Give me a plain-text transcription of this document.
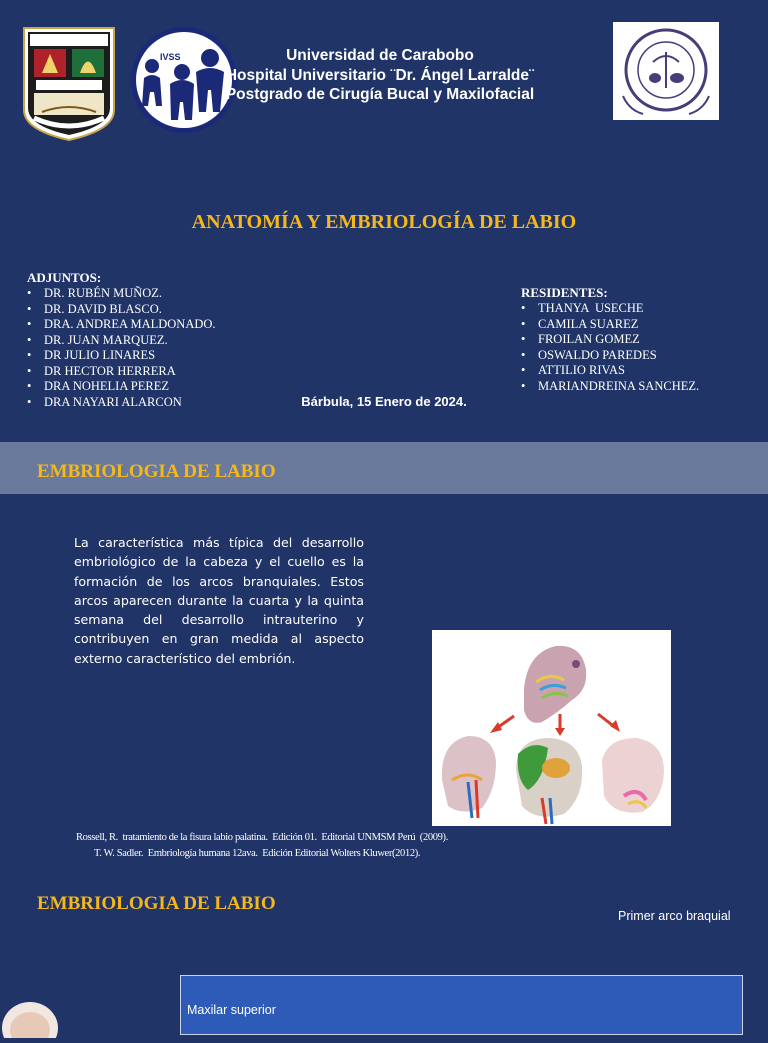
IVSS	Universidad de Carabobo
Hospital Universitario ¨Dr. Ángel Larralde¨
Postgrado de Cirugía Bucal y Maxilofacial
ANATOMÍA Y EMBRIOLOGÍA DE LABIO
ADJUNTOS:
• DR. RUBÉN MUÑOZ.
• DR. DAVID BLASCO.
• DRA. ANDREA MALDONADO.
• DR. JUAN MARQUEZ.
• DR JULIO LINARES
• DR HECTOR HERRERA
• DRA NOHELIA PEREZ
• DRA NAYARI ALARCON
RESIDENTES:
• THANYA  USECHE
• CAMILA SUAREZ
• FROILAN GOMEZ
• OSWALDO PAREDES
• ATTILIO RIVAS
• MARIANDREINA SANCHEZ.
Bárbula, 15 Enero de 2024.
EMBRIOLOGIA DE LABIO
La característica más típica del desarrollo embriológico de la cabeza y el cuello es la formación de los arcos branquiales. Estos arcos aparecen durante la cuarta y la quinta semana del desarrollo intrauterino y contribuyen en gran medida al aspecto externo característico del embrión.
Rossell, R.  tratamiento de la fisura labio palatina.  Edición 01.  Editorial UNMSM Perú  (2009).
T. W. Sadler.  Embriología humana 12ava.  Edición Editorial Wolters Kluwer(2012).
EMBRIOLOGIA DE LABIO
Primer arco braquial
Maxilar superior
